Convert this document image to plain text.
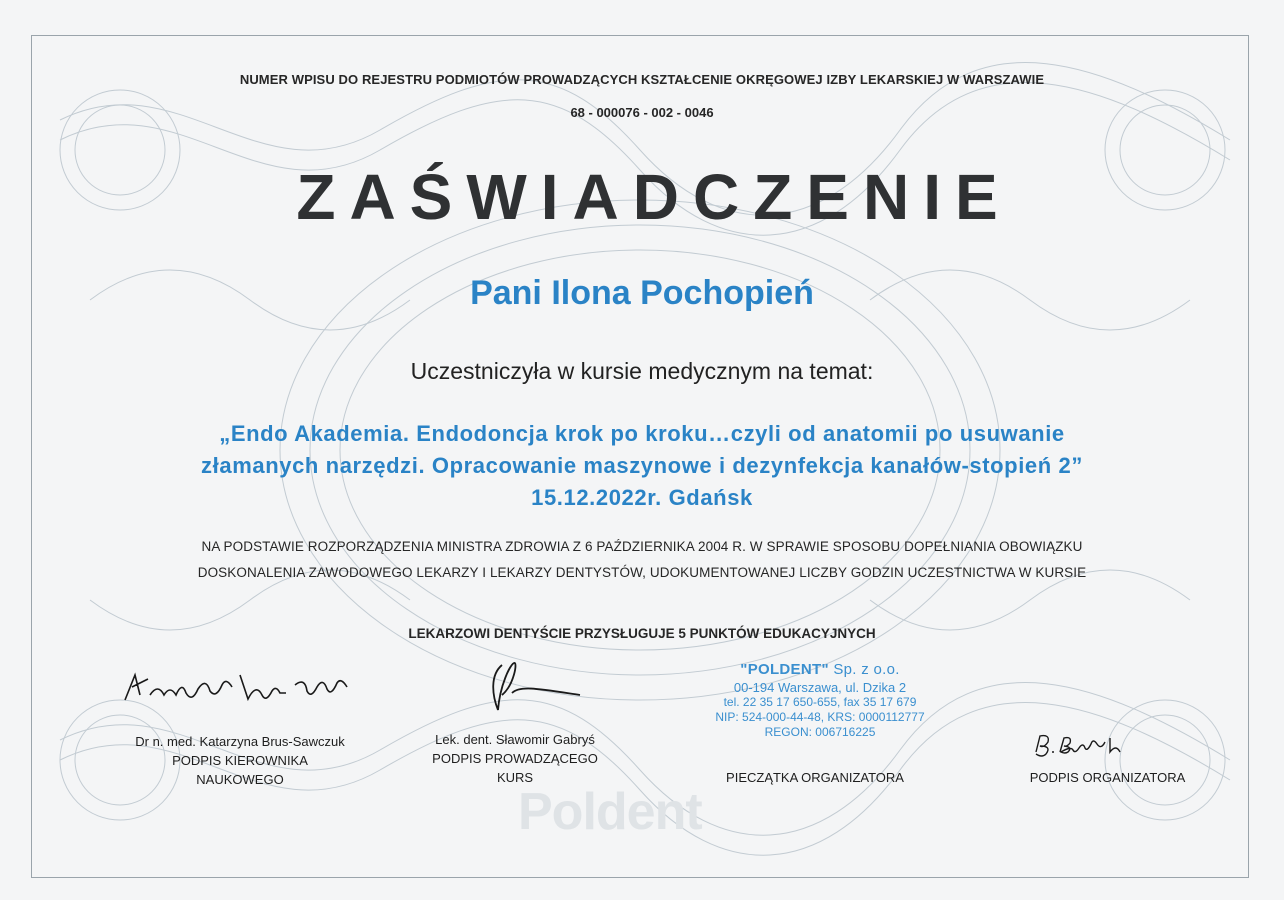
NUMER WPISU DO REJESTRU PODMIOTÓW PROWADZĄCYCH KSZTAŁCENIE OKRĘGOWEJ IZBY LEKARSKIEJ W WARSZAWIE
68 - 000076 - 002 - 0046
ZAŚWIADCZENIE
Pani Ilona Pochopień
Uczestniczyła w kursie medycznym na temat:
„Endo Akademia. Endodoncja krok po kroku…czyli od anatomii po usuwanie
złamanych narzędzi. Opracowanie maszynowe i dezynfekcja kanałów-stopień 2”
15.12.2022r. Gdańsk
NA PODSTAWIE ROZPORZĄDZENIA MINISTRA ZDROWIA Z 6 PAŹDZIERNIKA 2004 R. W SPRAWIE SPOSOBU DOPEŁNIANIA OBOWIĄZKU
DOSKONALENIA ZAWODOWEGO LEKARZY I LEKARZY DENTYSTÓW, UDOKUMENTOWANEJ LICZBY GODZIN UCZESTNICTWA W KURSIE
LEKARZOWI DENTYŚCIE PRZYSŁUGUJE 5 PUNKTÓW EDUKACYJNYCH
Dr n. med. Katarzyna Brus-Sawczuk
PODPIS KIEROWNIKA
NAUKOWEGO
Lek. dent. Sławomir Gabryś
PODPIS PROWADZĄCEGO
KURS
"POLDENT" Sp. z o.o.
00-194 Warszawa, ul. Dzika 2
tel. 22 35 17 650-655, fax 35 17 679
NIP: 524-000-44-48, KRS: 0000112777
REGON: 006716225
PIECZĄTKA ORGANIZATORA	PODPIS ORGANIZATORA
Poldent
